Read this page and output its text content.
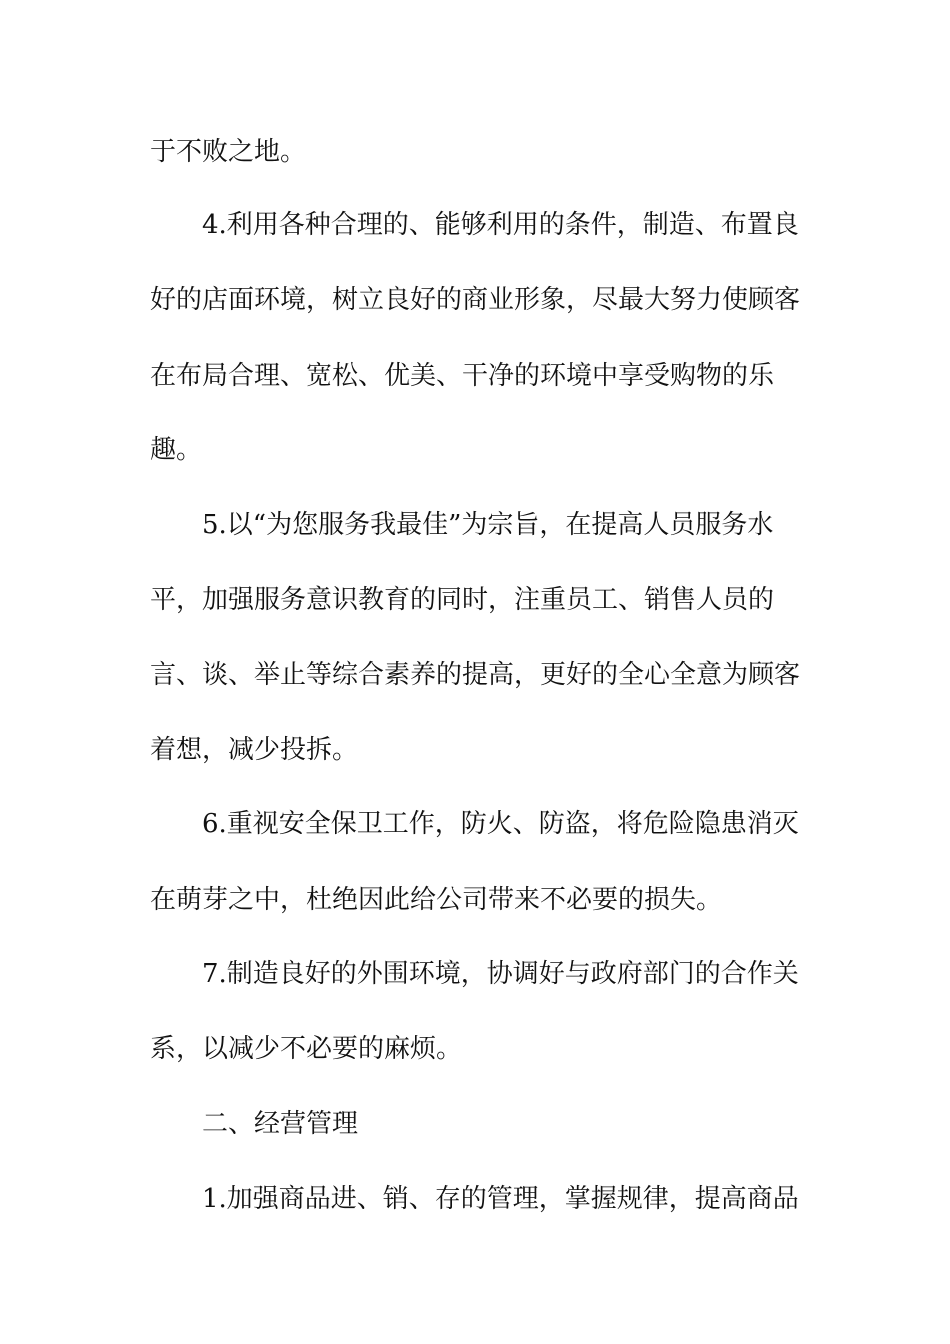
于不败之地。
4.利用各种合理的、能够利用的条件，制造、布置良
好的店面环境，树立良好的商业形象，尽最大努力使顾客
在布局合理、宽松、优美、干净的环境中享受购物的乐
趣。
5.以“为您服务我最佳”为宗旨，在提高人员服务水
平，加强服务意识教育的同时，注重员工、销售人员的
言、谈、举止等综合素养的提高，更好的全心全意为顾客
着想，减少投拆。
6.重视安全保卫工作，防火、防盗，将危险隐患消灭
在萌芽之中，杜绝因此给公司带来不必要的损失。
7.制造良好的外围环境，协调好与政府部门的合作关
系，以减少不必要的麻烦。
二、经营管理
1.加强商品进、销、存的管理，掌握规律，提高商品
